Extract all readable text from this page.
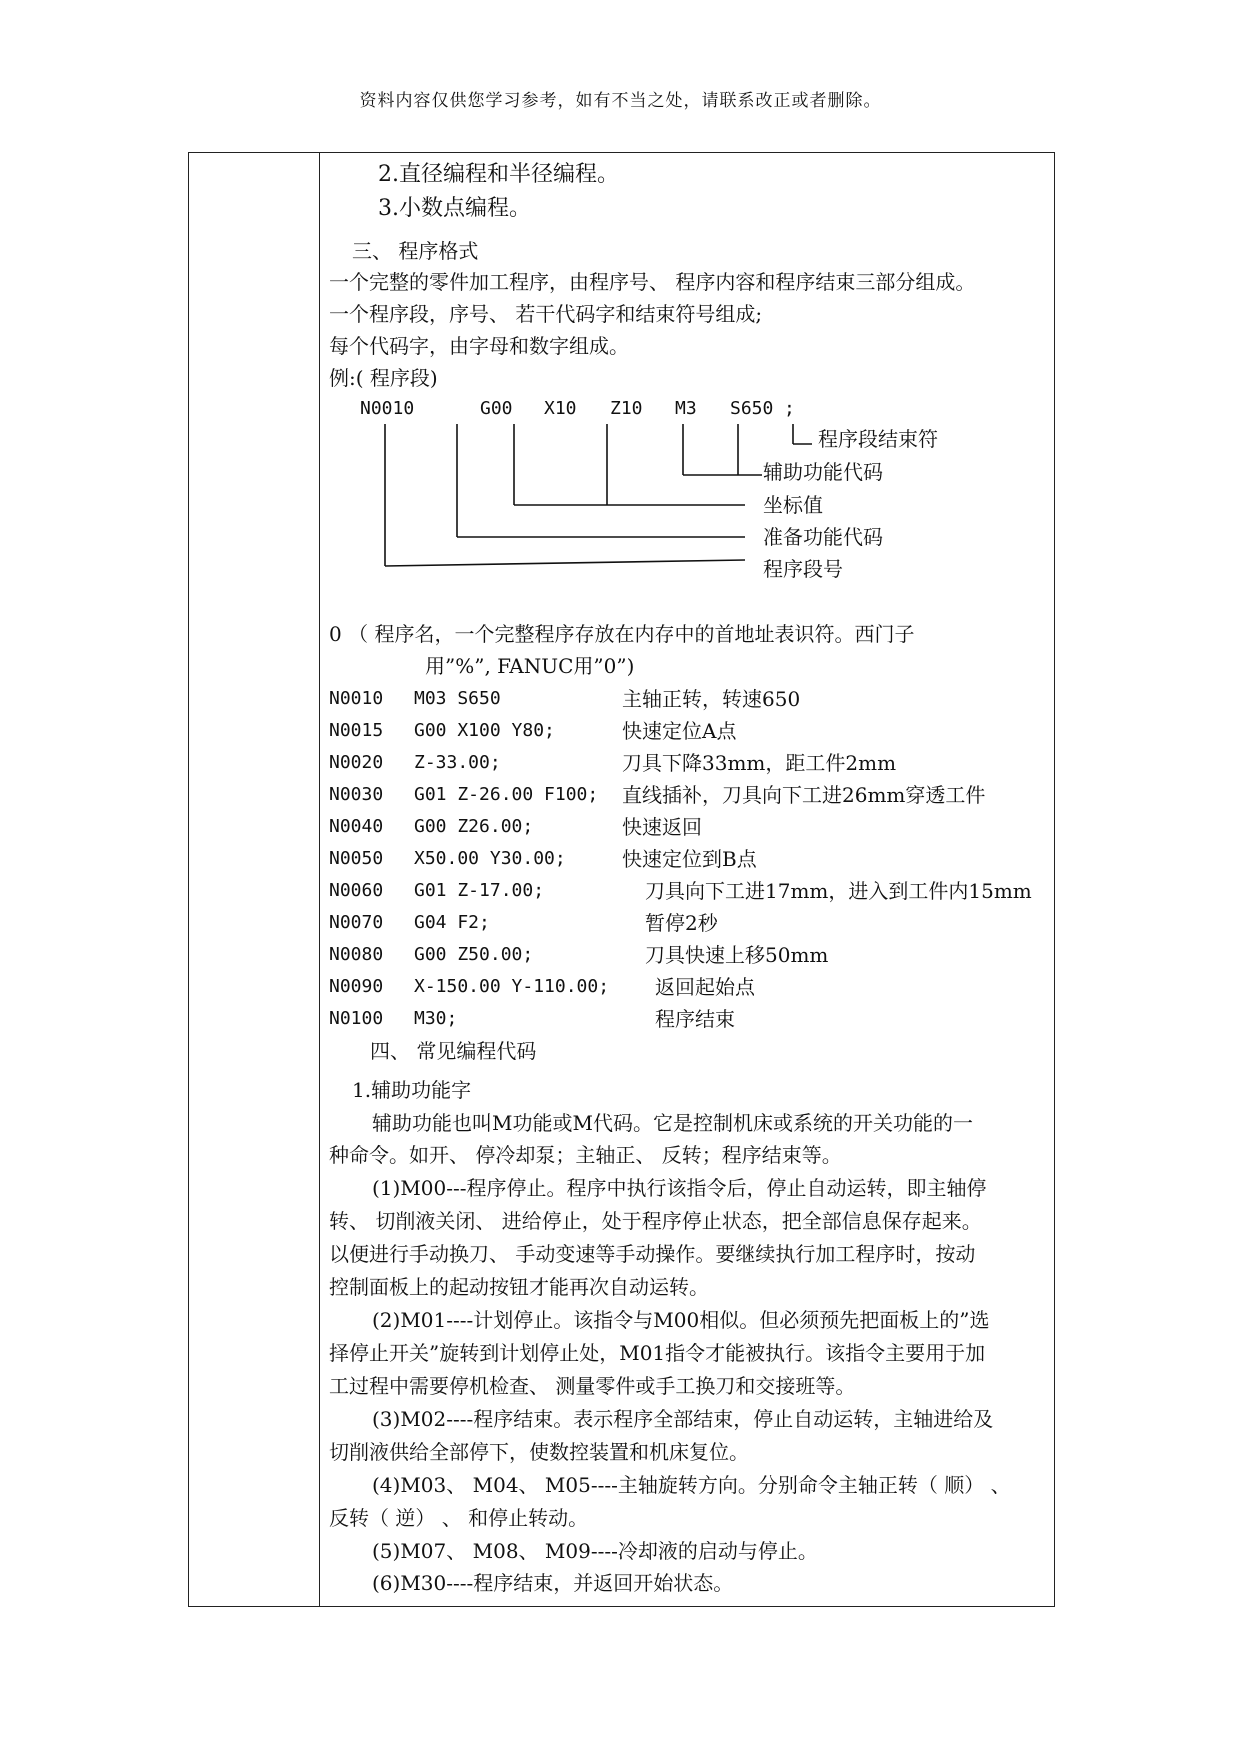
资料内容仅供您学习参考，如有不当之处，请联系改正或者删除。
2.直径编程和半径编程。
3.小数点编程。
三、 程序格式
一个完整的零件加工程序，由程序号、 程序内容和程序结束三部分组成。
一个程序段，序号、 若干代码字和结束符号组成;
每个代码字，由字母和数字组成。
例:( 程序段)
N0010	G00 X10 Z10 M3 S650 ;
程序段结束符
辅助功能代码
坐标值
准备功能代码
程序段号
0 （ 程序名，一个完整程序存放在内存中的首地址表识符。西门子
用”%”, FANUC用”0”)
N0010 M03 S650	主轴正转，转速650
N0015 G00 X100 Y80;	快速定位A点
N0020 Z-33.00;	刀具下降33mm，距工件2mm
N0030 G01 Z-26.00 F100; 直线插补，刀具向下工进26mm穿透工件
N0040 G00 Z26.00;	快速返回
N0050 X50.00 Y30.00;	快速定位到B点
N0060 G01 Z-17.00;	刀具向下工进17mm，进入到工件内15mm
N0070 G04 F2;	暂停2秒
N0080 G00 Z50.00;	刀具快速上移50mm
N0090 X-150.00 Y-110.00; 返回起始点
N0100 M30;	程序结束
四、 常见编程代码
1.辅助功能字
辅助功能也叫M功能或M代码。它是控制机床或系统的开关功能的一
种命令。如开、 停冷却泵；主轴正、 反转；程序结束等。
(1)M00---程序停止。程序中执行该指令后，停止自动运转，即主轴停
转、 切削液关闭、 进给停止，处于程序停止状态，把全部信息保存起来。
以便进行手动换刀、 手动变速等手动操作。要继续执行加工程序时，按动
控制面板上的起动按钮才能再次自动运转。
(2)M01----计划停止。该指令与M00相似。但必须预先把面板上的”选
择停止开关”旋转到计划停止处，M01指令才能被执行。该指令主要用于加
工过程中需要停机检查、 测量零件或手工换刀和交接班等。
(3)M02----程序结束。表示程序全部结束，停止自动运转，主轴进给及
切削液供给全部停下，使数控装置和机床复位。
(4)M03、 M04、 M05----主轴旋转方向。分别命令主轴正转（ 顺） 、
反转（ 逆） 、 和停止转动。
(5)M07、 M08、 M09----冷却液的启动与停止。
(6)M30----程序结束，并返回开始状态。
